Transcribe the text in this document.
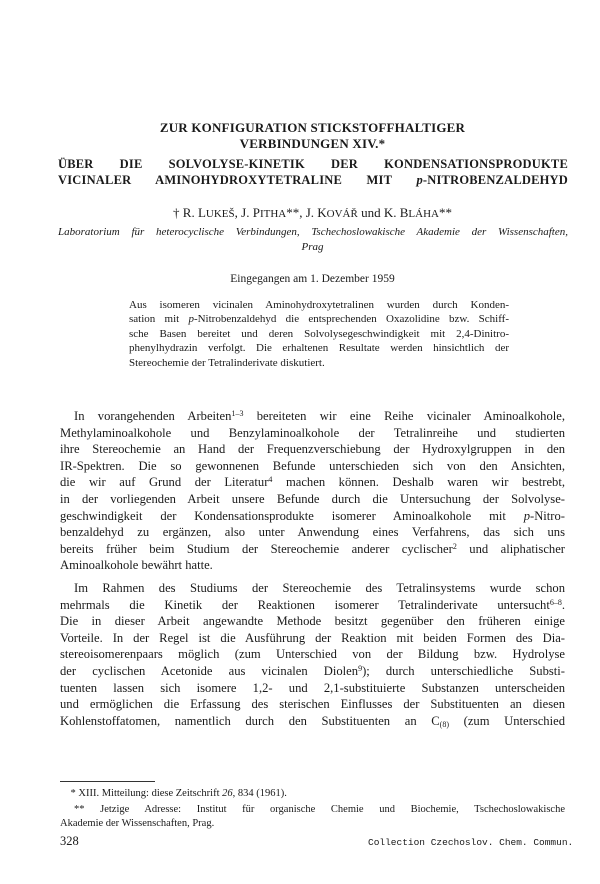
ZUR KONFIGURATION STICKSTOFFHALTIGER
VERBINDUNGEN XIV.*
ÜBER DIE SOLVOLYSE-KINETIK DER KONDENSATIONSPRODUKTE
VICINALER AMINOHYDROXYTETRALINE MIT p-NITROBENZALDEHYD
† R. LUKEŠ, J. PITHA**, J. KOVÁŘ und K. BLÁHA**
Laboratorium für heterocyclische Verbindungen, Tschechoslowakische Akademie der Wissenschaften,
Prag
Eingegangen am 1. Dezember 1959
Aus isomeren vicinalen Aminohydroxytetralinen wurden durch Konden-
sation mit p-Nitrobenzaldehyd die entsprechenden Oxazolidine bzw. Schiff-
sche Basen bereitet und deren Solvolysegeschwindigkeit mit 2,4-Dinitro-
phenylhydrazin verfolgt. Die erhaltenen Resultate werden hinsichtlich der
Stereochemie der Tetralinderivate diskutiert.
In vorangehenden Arbeiten$^{1-3}$ bereiteten wir eine Reihe vicinaler Aminoalkohole,
Methylaminoalkohole und Benzylaminoalkohole der Tetralinreihe und studierten
ihre Stereochemie an Hand der Frequenzverschiebung der Hydroxylgruppen in den
IR-Spektren. Die so gewonnenen Befunde unterschieden sich von den Ansichten,
die wir auf Grund der Literatur$^4$ machen können. Deshalb waren wir bestrebt,
in der vorliegenden Arbeit unsere Befunde durch die Untersuchung der Solvolyse-
geschwindigkeit der Kondensationsprodukte isomerer Aminoalkohole mit p-Nitro-
benzaldehyd zu ergänzen, also unter Anwendung eines Verfahrens, das sich uns
bereits früher beim Studium der Stereochemie anderer cyclischer$^2$ und aliphatischer
Aminoalkohole bewährt hatte.
Im Rahmen des Studiums der Stereochemie des Tetralinsystems wurde schon
mehrmals die Kinetik der Reaktionen isomerer Tetralinderivate untersucht$^{6-8}$.
Die in dieser Arbeit angewandte Methode besitzt gegenüber den früheren einige
Vorteile. In der Regel ist die Ausführung der Reaktion mit beiden Formen des Dia-
stereoisomerenpaars möglich (zum Unterschied von der Bildung bzw. Hydrolyse
der cyclischen Acetonide aus vicinalen Diolen$^9$); durch unterschiedliche Substi-
tuenten lassen sich isomere 1,2- und 2,1-substituierte Substanzen unterscheiden
und ermöglichen die Erfassung des sterischen Einflusses der Substituenten an diesen
Kohlenstoffatomen, namentlich durch den Substituenten an $C_{(8)}$ (zum Unterschied
* XIII. Mitteilung: diese Zeitschrift 26, 834 (1961).
** Jetzige Adresse: Institut für organische Chemie und Biochemie, Tschechoslowakische
Akademie der Wissenschaften, Prag.
328	Collection Czechoslov. Chem. Commun.
